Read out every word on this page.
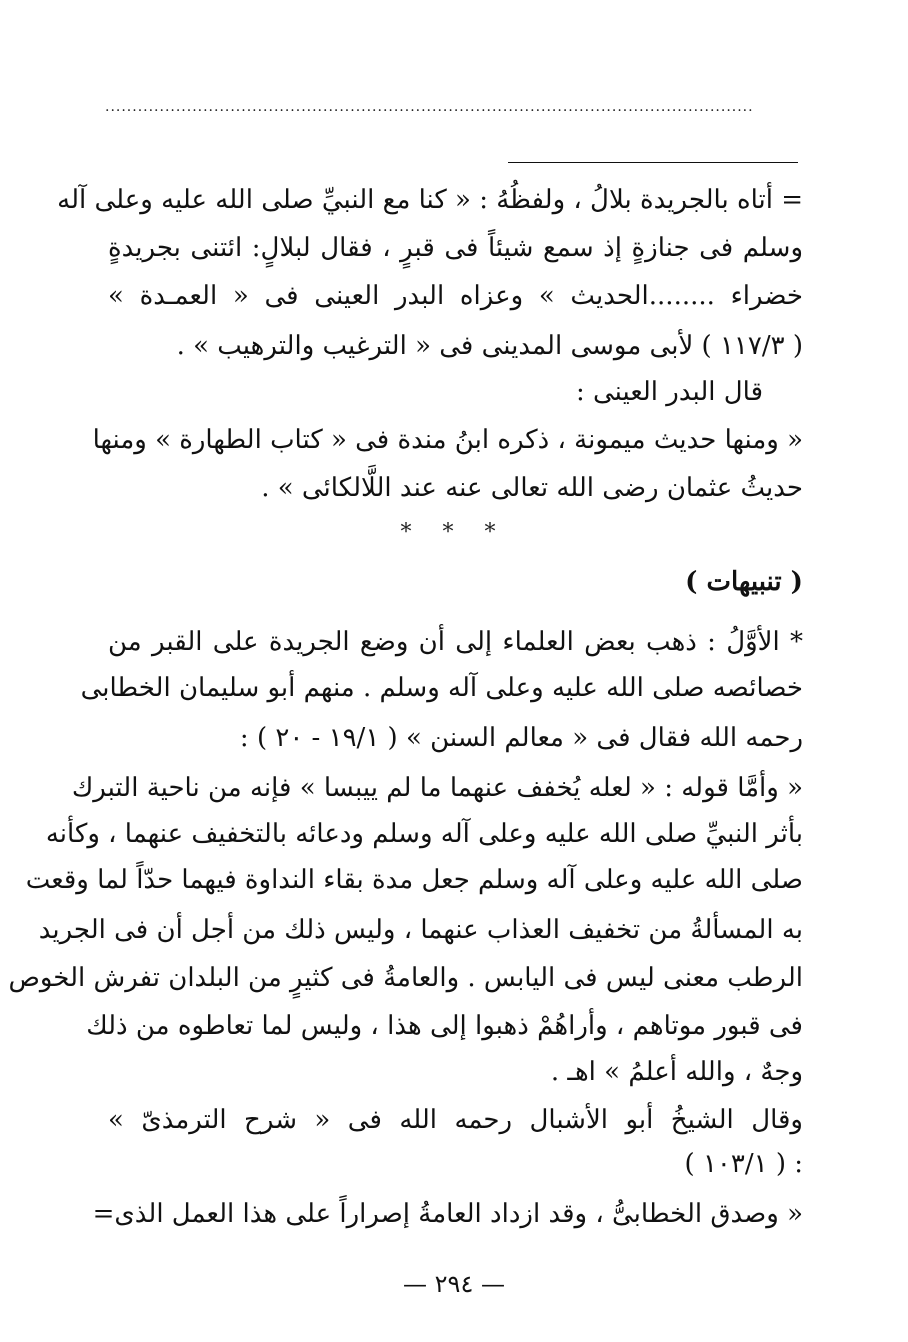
.......................................................................................................................
= أتاه بالجريدة بلالُ ، ولفظُهُ : « كنا مع النبيِّ صلى الله عليه وعلى آله
وسلم فى جنازةٍ إذ سمع شيئاً فى قبرٍ ، فقال لبلالٍ: ائتنى بجريدةٍ
خضراء ........الحديث » وعزاه البدر العينى فى « العمـدة »
( ١١٧/٣ ) لأبى موسى المدينى فى « الترغيب والترهيب » .
قال البدر العينى :
« ومنها حديث ميمونة ، ذكره ابنُ مندة فى « كتاب الطهارة » ومنها
حديثُ عثمان رضى الله تعالى عنه عند اللَّالكائى » .
* * *
( تنبيهات )
* الأوَّلُ : ذهب بعض العلماء إلى أن وضع الجريدة على القبر من
خصائصه صلى الله عليه وعلى آله وسلم . منهم أبو سليمان الخطابى
رحمه الله فقال فى « معالم السنن » ( ١٩/١ - ٢٠ ) :
« وأمَّا قوله : « لعله يُخفف عنهما ما لم ييبسا » فإنه من ناحية التبرك
بأثر النبيِّ صلى الله عليه وعلى آله وسلم ودعائه بالتخفيف عنهما ، وكأنه
صلى الله عليه وعلى آله وسلم جعل مدة بقاء النداوة فيهما حدّاً لما وقعت
به المسألةُ من تخفيف العذاب عنهما ، وليس ذلك من أجل أن فى الجريد
الرطب معنى ليس فى اليابس . والعامةُ فى كثيرٍ من البلدان تفرش الخوص
فى قبور موتاهم ، وأراهُمْ ذهبوا إلى هذا ، وليس لما تعاطوه من ذلك
وجهٌ ، والله أعلمُ » اهـ .
وقال الشيخُ أبو الأشبال رحمه الله فى « شرح الترمذىّ »
( ١٠٣/١ ) :
« وصدق الخطابىُّ ، وقد ازداد العامةُ إصراراً على هذا العمل الذى=
— ٢٩٤ —
